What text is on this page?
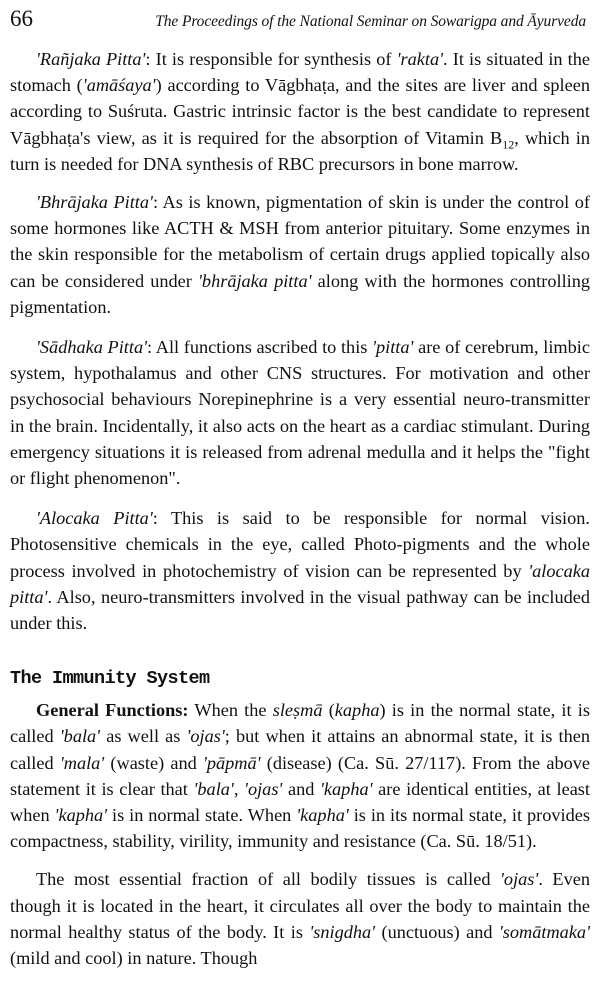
66	The Proceedings of the National Seminar on Sowarigpa and Āyurveda

'Rañjaka Pitta': It is responsible for synthesis of 'rakta'. It is situated in the stomach ('amāśaya') according to Vāgbhaṭa, and the sites are liver and spleen according to Suśruta. Gastric intrinsic factor is the best candidate to represent Vāgbhaṭa's view, as it is required for the absorption of Vitamin $B_{12}$, which in turn is needed for DNA synthesis of RBC precursors in bone marrow.

'Bhrājaka Pitta': As is known, pigmentation of skin is under the control of some hormones like ACTH & MSH from anterior pituitary. Some enzymes in the skin responsible for the metabolism of certain drugs applied topically also can be considered under 'bhrājaka pitta' along with the hormones controlling pigmentation.

'Sādhaka Pitta': All functions ascribed to this 'pitta' are of cerebrum, limbic system, hypothalamus and other CNS structures. For motivation and other psychosocial behaviours Norepinephrine is a very essential neuro-transmitter in the brain. Incidentally, it also acts on the heart as a cardiac stimulant. During emergency situations it is released from adrenal medulla and it helps the "fight or flight phenomenon".

'Alocaka Pitta': This is said to be responsible for normal vision. Photosensitive chemicals in the eye, called Photo-pigments and the whole process involved in photochemistry of vision can be represented by 'alocaka pitta'. Also, neuro-transmitters involved in the visual pathway can be included under this.

The Immunity System

General Functions: When the sleṣmā (kapha) is in the normal state, it is called 'bala' as well as 'ojas'; but when it attains an abnormal state, it is then called 'mala' (waste) and 'pāpmā' (disease) (Ca. Sū. 27/117). From the above statement it is clear that 'bala', 'ojas' and 'kapha' are identical entities, at least when 'kapha' is in normal state. When 'kapha' is in its normal state, it provides compactness, stability, virility, immunity and resistance (Ca. Sū. 18/51).

The most essential fraction of all bodily tissues is called 'ojas'. Even though it is located in the heart, it circulates all over the body to maintain the normal healthy status of the body. It is 'snigdha' (unctuous) and 'somātmaka' (mild and cool) in nature. Though
